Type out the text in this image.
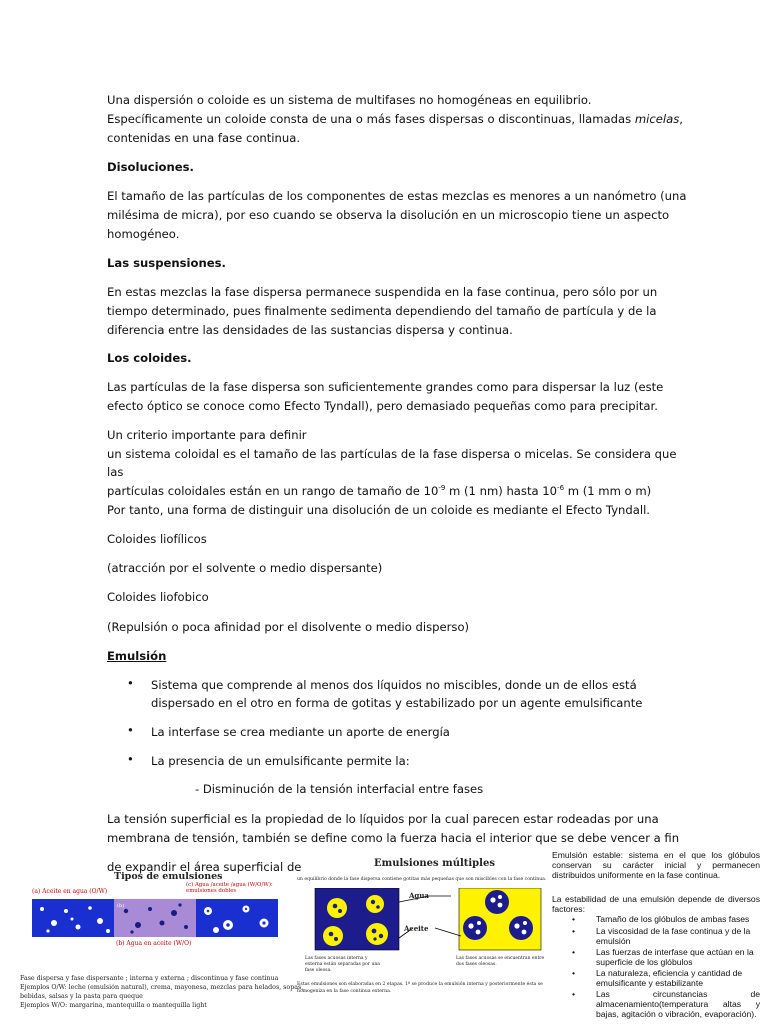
Una dispersión o coloide es un sistema de multifases no homogéneas en equilibrio.
Específicamente un coloide consta de una o más fases dispersas o discontinuas, llamadas micelas,
contenidas en una fase continua.
Disoluciones.
El tamaño de las partículas de los componentes de estas mezclas es menores a un nanómetro (una
milésima de micra), por eso cuando se observa la disolución en un microscopio tiene un aspecto
homogéneo.
Las suspensiones.
En estas mezclas la fase dispersa permanece suspendida en la fase continua, pero sólo por un
tiempo determinado, pues finalmente sedimenta dependiendo del tamaño de partícula y de la
diferencia entre las densidades de las sustancias dispersa y continua.
Los coloides.
Las partículas de la fase dispersa son suficientemente grandes como para dispersar la luz (este
efecto óptico se conoce como Efecto Tyndall), pero demasiado pequeñas como para precipitar.
Un criterio importante para definir
un sistema coloidal es el tamaño de las partículas de la fase dispersa o micelas. Se considera que
las
partículas coloidales están en un rango de tamaño de $10^{-9}$ m (1 nm) hasta $10^{-6}$ m (1 mm o m)
Por tanto, una forma de distinguir una disolución de un coloide es mediante el Efecto Tyndall.
Coloides liofílicos
(atracción por el solvente o medio dispersante)
Coloides liofobico
(Repulsión o poca afinidad por el disolvente o medio disperso)
Emulsión
• Sistema que comprende al menos dos líquidos no miscibles, donde un de ellos está
dispersado en el otro en forma de gotitas y estabilizado por un agente emulsificante
• La interfase se crea mediante un aporte de energía
• La presencia de un emulsificante permite la:
- Disminución de la tensión interfacial entre fases
La tensión superficial es la propiedad de lo líquidos por la cual parecen estar rodeadas por una
membrana de tensión, también se define como la fuerza hacia el interior que se debe vencer a fin
de expandir el área superficial de
Tipos de emulsiones
(a) Aceite en agua (O/W)
(c) Agua /aceite /agua (W/O/W): emulsiones dobles
(b)
(b) Agua en aceite (W/O)
Fase dispersa y fase dispersante ; interna y externa ; discontinua y fase continua
Ejemplos O/W: leche (emulsión natural), crema, mayonesa, mezclas para helados, sopas,
bebidas, salsas y la pasta para queque
Ejemplos W/O: margarina, mantequilla o mantequilla light
Emulsiones múltiples
un equilibrio donde la fase dispersa contiene gotitas más pequeñas que son miscibles con la fase continua.
Agua
Aceite
Las fases acuosas interna y
externa están separadas por una
fase oleosa.
Las fases acuosas se encuentran entre
dos fases oleosas.
Estas emulsiones son elaboradas en 2 etapas. 1º se produce la emulsión interna y posteriormente ésta se
homogeniza en la fase continua externa.
Emulsión estable: sistema en el que los glóbulos
conservan su carácter inicial y permanecen
distribuidos uniformente en la fase continua.
La estabilidad de una emulsión depende de diversos
factores:
• Tamaño de los glóbulos de ambas fases
• La viscosidad de la fase continua y de la
emulsión
• Las fuerzas de interfase que actúan en la
superficie de los glóbulos
• La naturaleza, eficiencia y cantidad de
emulsificante y estabilizante
• Las circunstancias de
almacenamiento(temperatura altas y
bajas, agitación o vibración, evaporación).
